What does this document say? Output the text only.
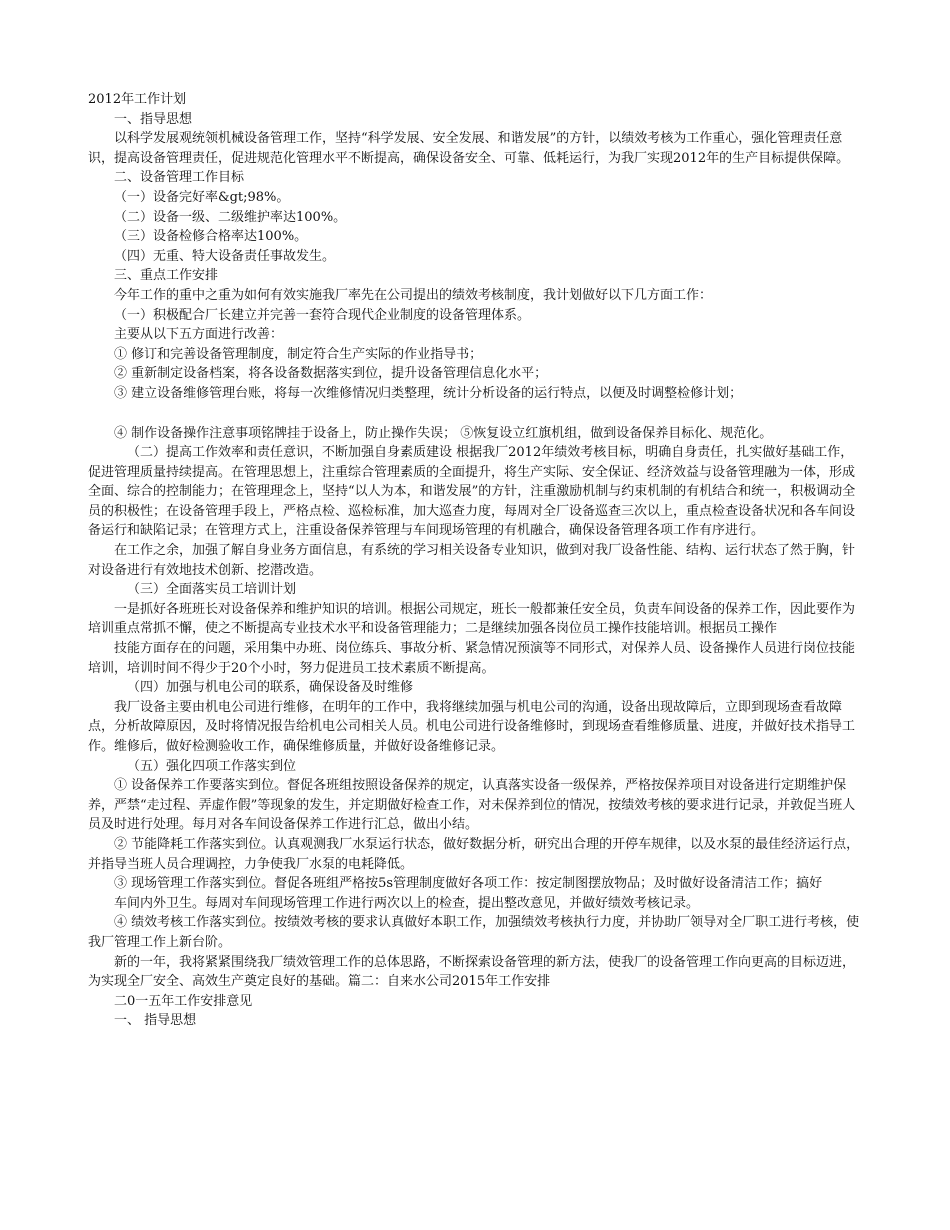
2012年工作计划

一、指导思想

以科学发展观统领机械设备管理工作，坚持“科学发展、安全发展、和谐发展”的方针，以绩效考核为工作重心，强化管理责任意识，提高设备管理责任，促进规范化管理水平不断提高，确保设备安全、可靠、低耗运行，为我厂实现2012年的生产目标提供保障。

二、设备管理工作目标

（一）设备完好率&gt;98%。

（二）设备一级、二级维护率达100%。

（三）设备检修合格率达100%。

（四）无重、特大设备责任事故发生。

三、重点工作安排

今年工作的重中之重为如何有效实施我厂率先在公司提出的绩效考核制度，我计划做好以下几方面工作：

（一）积极配合厂长建立并完善一套符合现代企业制度的设备管理体系。

主要从以下五方面进行改善：

① 修订和完善设备管理制度，制定符合生产实际的作业指导书；

② 重新制定设备档案，将各设备数据落实到位，提升设备管理信息化水平；

③ 建立设备维修管理台账，将每一次维修情况归类整理，统计分析设备的运行特点，以便及时调整检修计划；

④ 制作设备操作注意事项铭牌挂于设备上，防止操作失误； ⑤恢复设立红旗机组，做到设备保养目标化、规范化。

（二）提高工作效率和责任意识，不断加强自身素质建设 根据我厂2012年绩效考核目标，明确自身责任，扎实做好基础工作，促进管理质量持续提高。在管理思想上，注重综合管理素质的全面提升，将生产实际、安全保证、经济效益与设备管理融为一体，形成全面、综合的控制能力；在管理理念上，坚持“以人为本，和谐发展”的方针，注重激励机制与约束机制的有机结合和统一，积极调动全员的积极性；在设备管理手段上，严格点检、巡检标准，加大巡查力度，每周对全厂设备巡查三次以上，重点检查设备状况和各车间设备运行和缺陷记录；在管理方式上，注重设备保养管理与车间现场管理的有机融合，确保设备管理各项工作有序进行。

在工作之余，加强了解自身业务方面信息，有系统的学习相关设备专业知识，做到对我厂设备性能、结构、运行状态了然于胸，针对设备进行有效地技术创新、挖潜改造。

（三）全面落实员工培训计划

一是抓好各班班长对设备保养和维护知识的培训。根据公司规定，班长一般都兼任安全员，负责车间设备的保养工作，因此要作为培训重点常抓不懈，使之不断提高专业技术水平和设备管理能力；二是继续加强各岗位员工操作技能培训。根据员工操作

技能方面存在的问题，采用集中办班、岗位练兵、事故分析、紧急情况预演等不同形式，对保养人员、设备操作人员进行岗位技能培训，培训时间不得少于20个小时，努力促进员工技术素质不断提高。

（四）加强与机电公司的联系，确保设备及时维修

我厂设备主要由机电公司进行维修，在明年的工作中，我将继续加强与机电公司的沟通，设备出现故障后，立即到现场查看故障点，分析故障原因，及时将情况报告给机电公司相关人员。机电公司进行设备维修时，到现场查看维修质量、进度，并做好技术指导工作。维修后，做好检测验收工作，确保维修质量，并做好设备维修记录。

（五）强化四项工作落实到位

① 设备保养工作要落实到位。督促各班组按照设备保养的规定，认真落实设备一级保养，严格按保养项目对设备进行定期维护保养，严禁“走过程、弄虚作假”等现象的发生，并定期做好检查工作，对未保养到位的情况，按绩效考核的要求进行记录，并敦促当班人员及时进行处理。每月对各车间设备保养工作进行汇总，做出小结。

② 节能降耗工作落实到位。认真观测我厂水泵运行状态，做好数据分析，研究出合理的开停车规律，以及水泵的最佳经济运行点，并指导当班人员合理调控，力争使我厂水泵的电耗降低。

③ 现场管理工作落实到位。督促各班组严格按5s管理制度做好各项工作：按定制图摆放物品；及时做好设备清洁工作；搞好

车间内外卫生。每周对车间现场管理工作进行两次以上的检查，提出整改意见，并做好绩效考核记录。

④ 绩效考核工作落实到位。按绩效考核的要求认真做好本职工作，加强绩效考核执行力度，并协助厂领导对全厂职工进行考核，使我厂管理工作上新台阶。

新的一年，我将紧紧围绕我厂绩效管理工作的总体思路，不断探索设备管理的新方法，使我厂的设备管理工作向更高的目标迈进，为实现全厂安全、高效生产奠定良好的基础。篇二：自来水公司2015年工作安排

二0一五年工作安排意见

一、 指导思想
